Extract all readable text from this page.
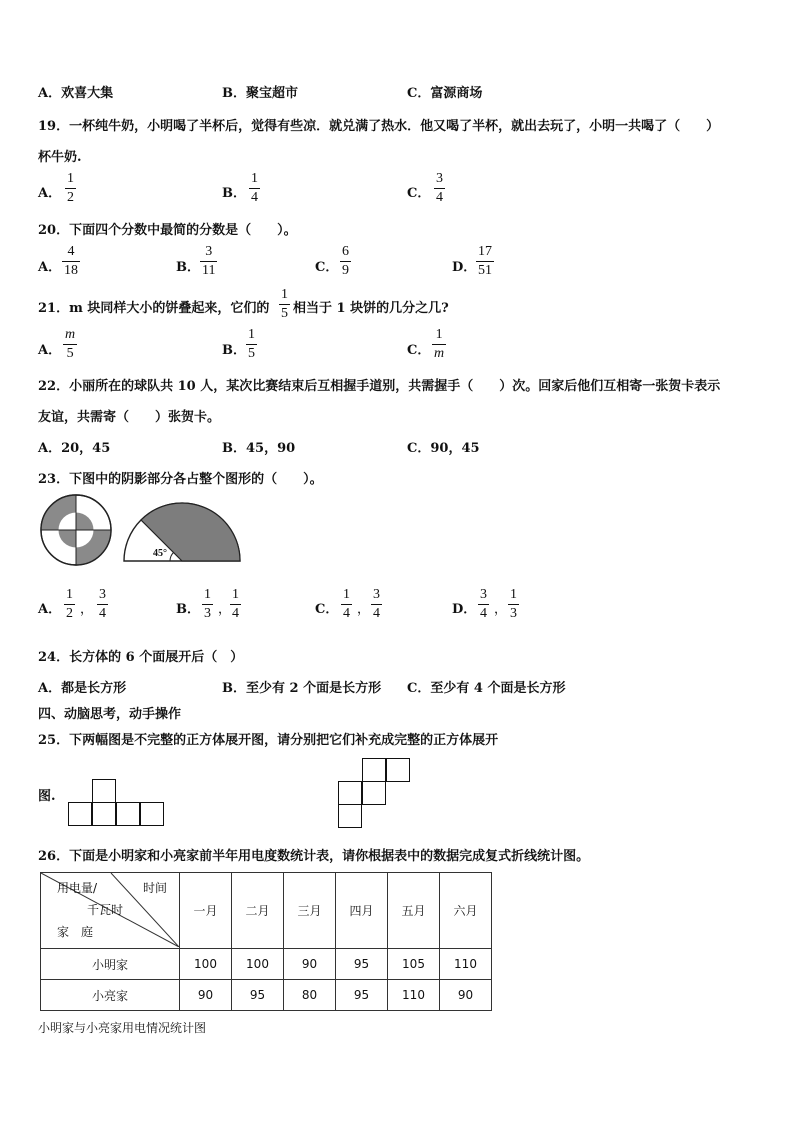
A．欢喜大集	B．聚宝超市	C．富源商场
19．一杯纯牛奶，小明喝了半杯后，觉得有些凉．就兑满了热水．他又喝了半杯，就出去玩了，小明一共喝了（　　）
杯牛奶.
A．
1
2	B．
1
4	C．
3
4
20．下面四个分数中最简的分数是（　　）。
A．
4
18	B．
3
11	C．
6
9	D．
17
51
21．m 块同样大小的饼叠起来，它们的
1
5 相当于 1 块饼的几分之几?
A．
m
5	B．
1
5	C．
1
m
22．小丽所在的球队共 10 人，某次比赛结束后互相握手道别，共需握手（　　）次。回家后他们互相寄一张贺卡表示
友谊，共需寄（　　）张贺卡。
A．20，45	B．45，90	C．90，45
23．下图中的阴影部分各占整个图形的（　　）。
45°
A．
1
2 ，
3
4	B．
1
3 ，
1
4	C．
1
4 ，
3
4	D．
3
4 ，
1
3
24．长方体的 6 个面展开后（　）
A．都是长方形	B．至少有 2 个面是长方形 C．至少有 4 个面是长方形
四、动脑思考，动手操作
25．下两幅图是不完整的正方体展开图，请分别把它们补充成完整的正方体展开
图.
26．下面是小明家和小亮家前半年用电度数统计表，请你根据表中的数据完成复式折线统计图。
用电量/ 时间
千瓦时
家　庭	一月	二月	三月	四月	五月	六月
小明家	100	100	90	95	105	110
小亮家	90	95	80	95	110	90
小明家与小亮家用电情况统计图
